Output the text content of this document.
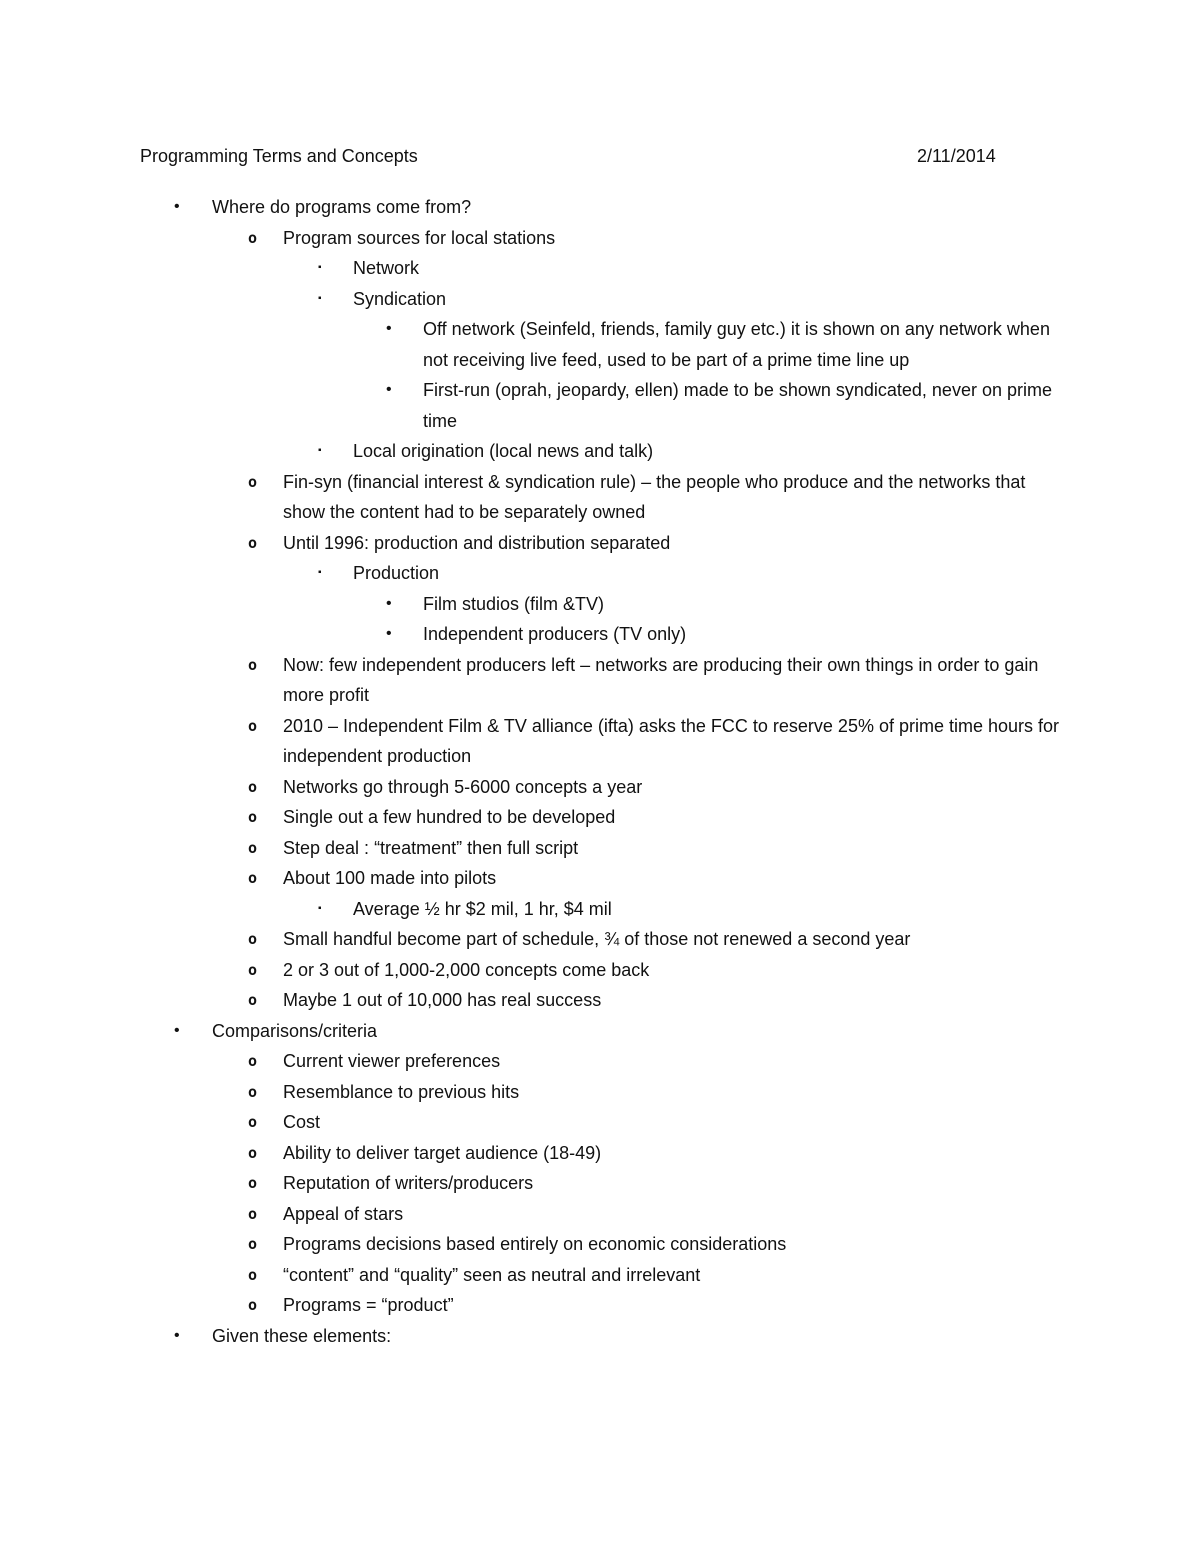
Programming Terms and Concepts	2/11/2014
•	Where do programs come from?
o	Program sources for local stations
▪	Network
▪	Syndication
•	Off network (Seinfeld, friends, family guy etc.) it is shown on any network when not receiving live feed, used to be part of a prime time line up
•	First-run (oprah, jeopardy, ellen) made to be shown syndicated, never on prime time
▪	Local origination (local news and talk)
o	Fin-syn (financial interest & syndication rule) – the people who produce and the networks that show the content had to be separately owned
o	Until 1996: production and distribution separated
▪	Production
•	Film studios (film &TV)
•	Independent producers (TV only)
o	Now: few independent producers left – networks are producing their own things in order to gain more profit
o	2010 – Independent Film & TV alliance (ifta) asks the FCC to reserve 25% of prime time hours for independent production
o	Networks go through 5-6000 concepts a year
o	Single out a few hundred to be developed
o	Step deal : “treatment” then full script
o	About 100 made into pilots
▪	Average ½ hr $2 mil, 1 hr, $4 mil
o	Small handful become part of schedule, ¾ of those not renewed a second year
o	2 or 3 out of 1,000-2,000 concepts come back
o	Maybe 1 out of 10,000 has real success
•	Comparisons/criteria
o	Current viewer preferences
o	Resemblance to previous hits
o	Cost
o	Ability to deliver target audience (18-49)
o	Reputation of writers/producers
o	Appeal of stars
o	Programs decisions based entirely on economic considerations
o	“content” and “quality” seen as neutral and irrelevant
o	Programs = “product”
•	Given these elements:
